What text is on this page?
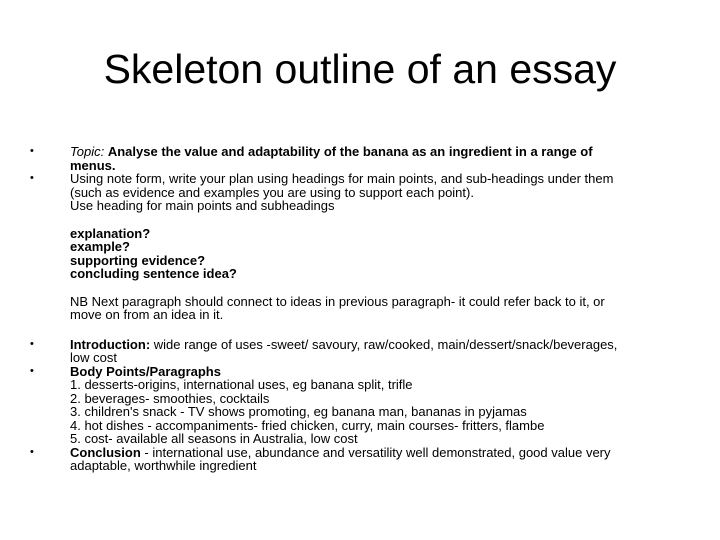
Skeleton outline of an essay
• Topic: Analyse the value and adaptability of the banana as an ingredient in a range of
menus.
• Using note form, write your plan using headings for main points, and sub-headings under them
(such as evidence and examples you are using to support each point).
Use heading for main points and subheadings
explanation?
example?
supporting evidence?
concluding sentence idea?
NB Next paragraph should connect to ideas in previous paragraph- it could refer back to it, or
move on from an idea in it.
• Introduction: wide range of uses -sweet/ savoury, raw/cooked, main/dessert/snack/beverages,
low cost
• Body Points/Paragraphs
1. desserts-origins, international uses, eg banana split, trifle
2. beverages- smoothies, cocktails
3. children's snack - TV shows promoting, eg banana man, bananas in pyjamas
4. hot dishes - accompaniments- fried chicken, curry, main courses- fritters, flambe
5. cost- available all seasons in Australia, low cost
• Conclusion - international use, abundance and versatility well demonstrated, good value very
adaptable, worthwhile ingredient
